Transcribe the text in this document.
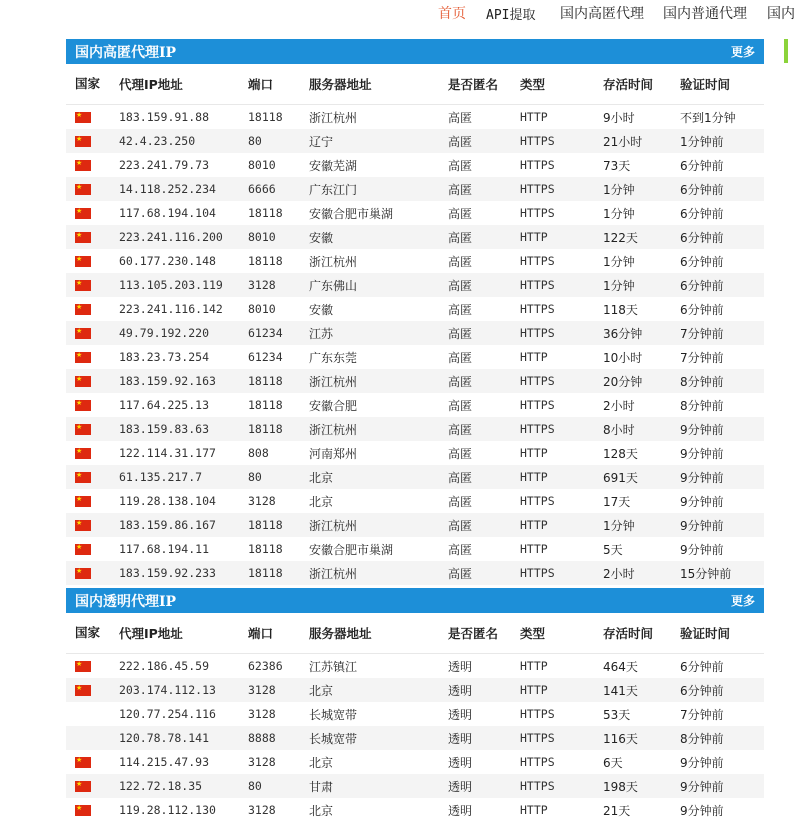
首页 API提取 国内高匿代理 国内普通代理 国内
国内高匿代理IP	更多
国家	代理IP地址	端口	服务器地址	是否匿名	类型	存活时间	验证时间
★	183.159.91.88	18118	浙江杭州	高匿	HTTP	9小时	不到1分钟
★	42.4.23.250	80	辽宁	高匿	HTTPS	21小时	1分钟前
★	223.241.79.73	8010	安徽芜湖	高匿	HTTPS	73天	6分钟前
★	14.118.252.234	6666	广东江门	高匿	HTTPS	1分钟	6分钟前
★	117.68.194.104	18118	安徽合肥市巢湖	高匿	HTTPS	1分钟	6分钟前
★	223.241.116.200	8010	安徽	高匿	HTTP	122天	6分钟前
★	60.177.230.148	18118	浙江杭州	高匿	HTTPS	1分钟	6分钟前
★	113.105.203.119	3128	广东佛山	高匿	HTTPS	1分钟	6分钟前
★	223.241.116.142	8010	安徽	高匿	HTTPS	118天	6分钟前
★	49.79.192.220	61234	江苏	高匿	HTTPS	36分钟	7分钟前
★	183.23.73.254	61234	广东东莞	高匿	HTTP	10小时	7分钟前
★	183.159.92.163	18118	浙江杭州	高匿	HTTPS	20分钟	8分钟前
★	117.64.225.13	18118	安徽合肥	高匿	HTTPS	2小时	8分钟前
★	183.159.83.63	18118	浙江杭州	高匿	HTTPS	8小时	9分钟前
★	122.114.31.177	808	河南郑州	高匿	HTTP	128天	9分钟前
★	61.135.217.7	80	北京	高匿	HTTP	691天	9分钟前
★	119.28.138.104	3128	北京	高匿	HTTPS	17天	9分钟前
★	183.159.86.167	18118	浙江杭州	高匿	HTTP	1分钟	9分钟前
★	117.68.194.11	18118	安徽合肥市巢湖	高匿	HTTP	5天	9分钟前
★	183.159.92.233	18118	浙江杭州	高匿	HTTPS	2小时	15分钟前
国内透明代理IP	更多
国家	代理IP地址	端口	服务器地址	是否匿名	类型	存活时间	验证时间
★	222.186.45.59	62386	江苏镇江	透明	HTTP	464天	6分钟前
★	203.174.112.13	3128	北京	透明	HTTP	141天	6分钟前
	120.77.254.116	3128	长城宽带	透明	HTTPS	53天	7分钟前
	120.78.78.141	8888	长城宽带	透明	HTTPS	116天	8分钟前
★	114.215.47.93	3128	北京	透明	HTTPS	6天	9分钟前
★	122.72.18.35	80	甘肃	透明	HTTPS	198天	9分钟前
★	119.28.112.130	3128	北京	透明	HTTP	21天	9分钟前
